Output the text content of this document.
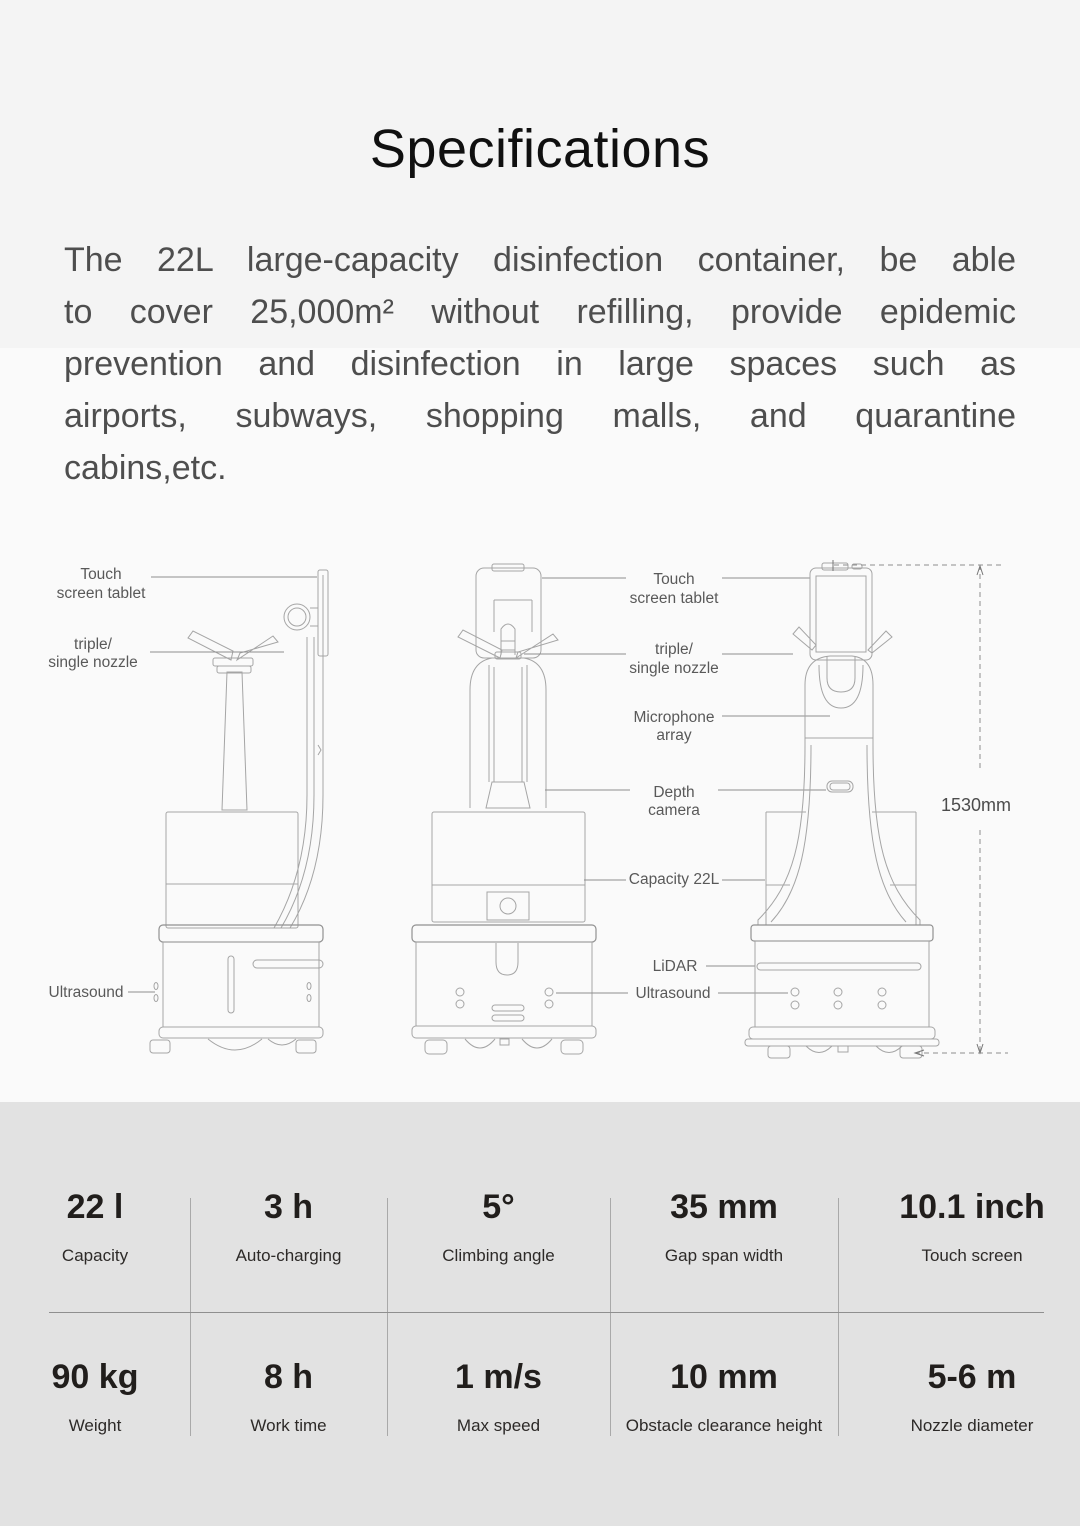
Specifications
The 22L large-capacity disinfection container, be able
to cover 25,000m² without refilling, provide epidemic
prevention and disinfection in large spaces such as
airports, subways, shopping malls, and quarantine
cabins,etc.
Touch
screen tablet
triple/
single nozzle
Ultrasound
Touch
screen tablet
triple/
single nozzle
Microphone
array
Depth
camera
Capacity 22L
LiDAR
Ultrasound
1530mm
22 l
Capacity
3 h
Auto-charging
5°
Climbing angle
35 mm
Gap span width
10.1 inch
Touch screen
90 kg
Weight
8 h
Work time
1 m/s
Max speed
10 mm
Obstacle clearance height
5-6 m
Nozzle diameter
